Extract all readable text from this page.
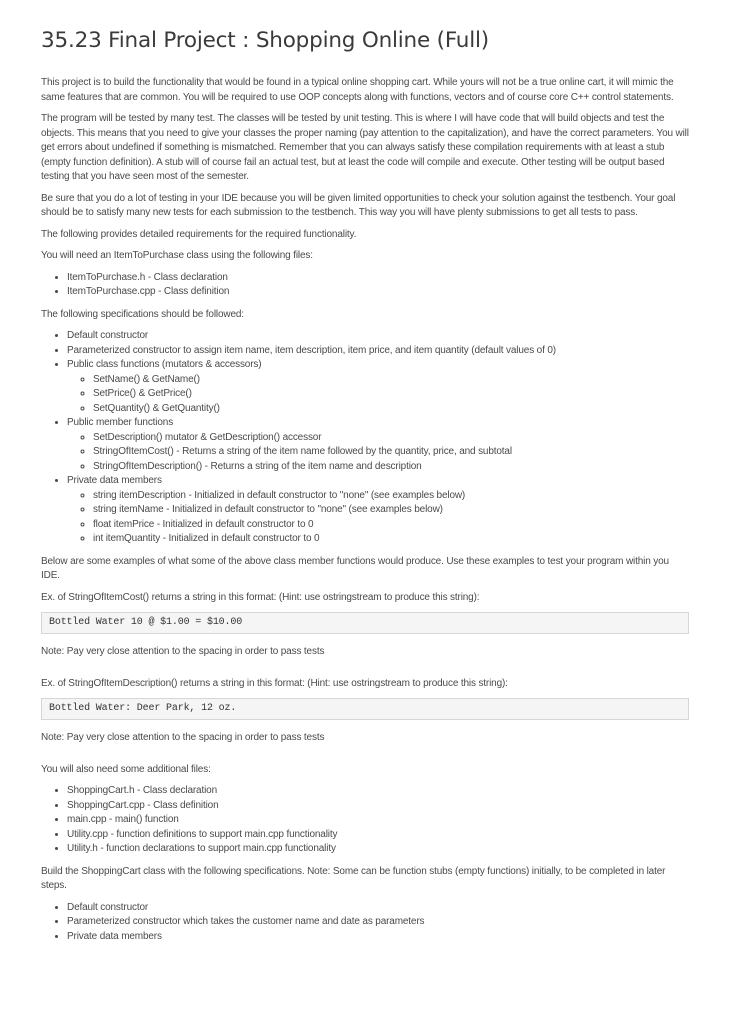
35.23 Final Project : Shopping Online (Full)

This project is to build the functionality that would be found in a typical online shopping cart. While yours will not be a true online cart, it will mimic the same features that are common. You will be required to use OOP concepts along with functions, vectors and of course core C++ control statements.

The program will be tested by many test. The classes will be tested by unit testing. This is where I will have code that will build objects and test the objects. This means that you need to give your classes the proper naming (pay attention to the capitalization), and have the correct parameters. You will get errors about undefined if something is mismatched. Remember that you can always satisfy these compilation requirements with at least a stub (empty function definition). A stub will of course fail an actual test, but at least the code will compile and execute. Other testing will be output based testing that you have seen most of the semester.

Be sure that you do a lot of testing in your IDE because you will be given limited opportunities to check your solution against the testbench. Your goal should be to satisfy many new tests for each submission to the testbench. This way you will have plenty submissions to get all tests to pass.

The following provides detailed requirements for the required functionality.

You will need an ItemToPurchase class using the following files:

• ItemToPurchase.h - Class declaration
• ItemToPurchase.cpp - Class definition

The following specifications should be followed:

• Default constructor
• Parameterized constructor to assign item name, item description, item price, and item quantity (default values of 0)
• Public class functions (mutators & accessors)
◦ SetName() & GetName()
◦ SetPrice() & GetPrice()
◦ SetQuantity() & GetQuantity()
• Public member functions
◦ SetDescription() mutator & GetDescription() accessor
◦ StringOfItemCost() - Returns a string of the item name followed by the quantity, price, and subtotal
◦ StringOfItemDescription() - Returns a string of the item name and description
• Private data members
◦ string itemDescription - Initialized in default constructor to "none" (see examples below)
◦ string itemName - Initialized in default constructor to "none" (see examples below)
◦ float itemPrice - Initialized in default constructor to 0
◦ int itemQuantity - Initialized in default constructor to 0

Below are some examples of what some of the above class member functions would produce. Use these examples to test your program within you IDE.

Ex. of StringOfItemCost() returns a string in this format: (Hint: use ostringstream to produce this string):

Bottled Water 10 @ $1.00 = $10.00

Note: Pay very close attention to the spacing in order to pass tests

Ex. of StringOfItemDescription() returns a string in this format: (Hint: use ostringstream to produce this string):

Bottled Water: Deer Park, 12 oz.

Note: Pay very close attention to the spacing in order to pass tests

You will also need some additional files:

• ShoppingCart.h - Class declaration
• ShoppingCart.cpp - Class definition
• main.cpp - main() function
• Utility.cpp - function definitions to support main.cpp functionality
• Utility.h - function declarations to support main.cpp functionality

Build the ShoppingCart class with the following specifications. Note: Some can be function stubs (empty functions) initially, to be completed in later steps.

• Default constructor
• Parameterized constructor which takes the customer name and date as parameters
• Private data members
